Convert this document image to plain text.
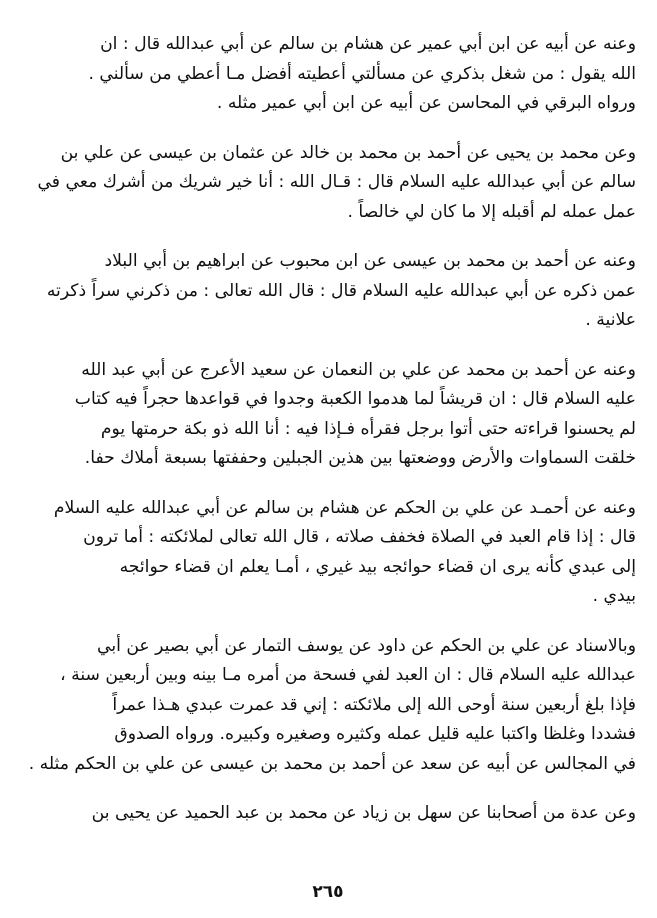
وعنه عن أبيه عن ابن أبي عمير عن هشام بن سالم عن أبي عبدالله قال : ان
الله يقول : من شغل بذكري عن مسألتي أعطيته أفضل مـا أعطي من سألني .
ورواه البرقي في المحاسن عن أبيه عن ابن أبي عمير مثله .
وعن محمد بن يحيى عن أحمد بن محمد بن خالد عن عثمان بن عيسى عن علي بن
سالم عن أبي عبدالله عليه السلام قال : قـال الله : أنا خير شريك من أشرك معي في
عمل عمله لم أقبله إلا ما كان لي خالصاً .
وعنه عن أحمد بن محمد بن عيسى عن ابن محبوب عن ابراهيم بن أبي البلاد
عمن ذكره عن أبي عبدالله عليه السلام قال : قال الله تعالى : من ذكرني سراً ذكرته
علانية .
وعنه عن أحمد بن محمد عن علي بن النعمان عن سعيد الأعرج عن أبي عبد الله
عليه السلام قال : ان قريشاً لما هدموا الكعبة وجدوا في قواعدها حجراً فيه كتاب
لم يحسنوا قراءته حتى أتوا برجل فقرأه فـإذا فيه : أنا الله ذو بكة حرمتها يوم
خلقت السماوات والأرض ووضعتها بين هذين الجبلين وحففتها بسبعة أملاك حفا.
وعنه عن أحمـد عن علي بن الحكم عن هشام بن سالم عن أبي عبدالله عليه السلام
قال : إذا قام العبد في الصلاة فخفف صلاته ، قال الله تعالى لملائكته : أما ترون
إلى عبدي كأنه يرى ان قضاء حوائجه بيد غيري ، أمـا يعلم ان قضاء حوائجه
بيدي .
وبالاسناد عن علي بن الحكم عن داود عن يوسف التمار عن أبي بصير عن أبي
عبدالله عليه السلام قال : ان العبد لفي فسحة من أمره مـا بينه وبين أربعين سنة ،
فإذا بلغ أربعين سنة أوحى الله إلى ملائكته : إني قد عمرت عبدي هـذا عمراً
فشددا وغلظا واكتبا عليه قليل عمله وكثيره وصغيره وكبيره. ورواه الصدوق
في المجالس عن أبيه عن سعد عن أحمد بن محمد بن عيسى عن علي بن الحكم مثله .
وعن عدة من أصحابنا عن سهل بن زياد عن محمد بن عبد الحميد عن يحيى بن
٢٦٥
